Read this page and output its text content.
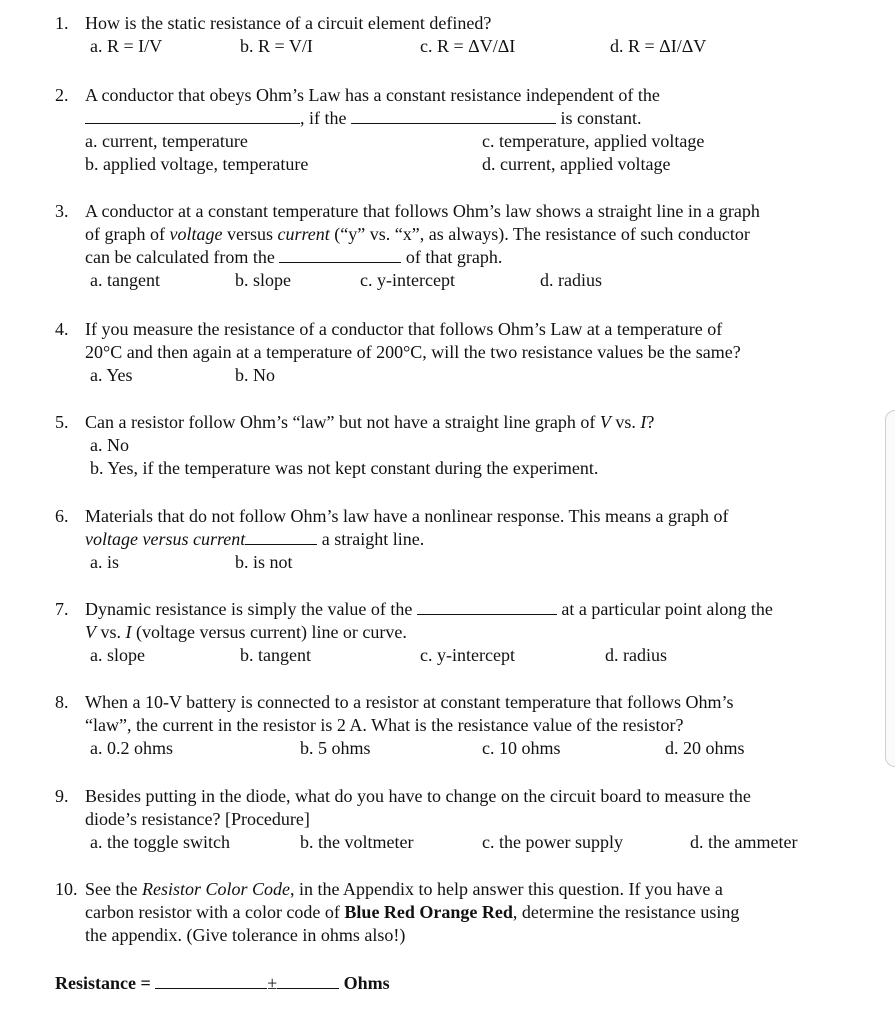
1. How is the static resistance of a circuit element defined?
a. R = I/V	b. R = V/I	c. R = ΔV/ΔI	d. R = ΔI/ΔV
2. A conductor that obeys Ohm’s Law has a constant resistance independent of the
, if the	is constant.
a. current, temperature	c. temperature, applied voltage
b. applied voltage, temperature	d. current, applied voltage
3. A conductor at a constant temperature that follows Ohm’s law shows a straight line in a graph
of graph of voltage versus current (“y” vs. “x”, as always). The resistance of such conductor
can be calculated from the	of that graph.
a. tangent	b. slope	c. y-intercept	d. radius
4. If you measure the resistance of a conductor that follows Ohm’s Law at a temperature of
20°C and then again at a temperature of 200°C, will the two resistance values be the same?
a. Yes	b. No
5. Can a resistor follow Ohm’s “law” but not have a straight line graph of V vs. I?
a. No
b. Yes, if the temperature was not kept constant during the experiment.
6. Materials that do not follow Ohm’s law have a nonlinear response. This means a graph of
voltage versus current	a straight line.
a. is	b. is not
7. Dynamic resistance is simply the value of the	at a particular point along the
V vs. I (voltage versus current) line or curve.
a. slope	b. tangent	c. y-intercept	d. radius
8. When a 10-V battery is connected to a resistor at constant temperature that follows Ohm’s
“law”, the current in the resistor is 2 A. What is the resistance value of the resistor?
a. 0.2 ohms	b. 5 ohms	c. 10 ohms	d. 20 ohms
9. Besides putting in the diode, what do you have to change on the circuit board to measure the
diode’s resistance? [Procedure]
a. the toggle switch	b. the voltmeter	c. the power supply	d. the ammeter
10. See the Resistor Color Code, in the Appendix to help answer this question. If you have a
carbon resistor with a color code of Blue Red Orange Red, determine the resistance using
the appendix. (Give tolerance in ohms also!)
Resistance =	±	Ohms
